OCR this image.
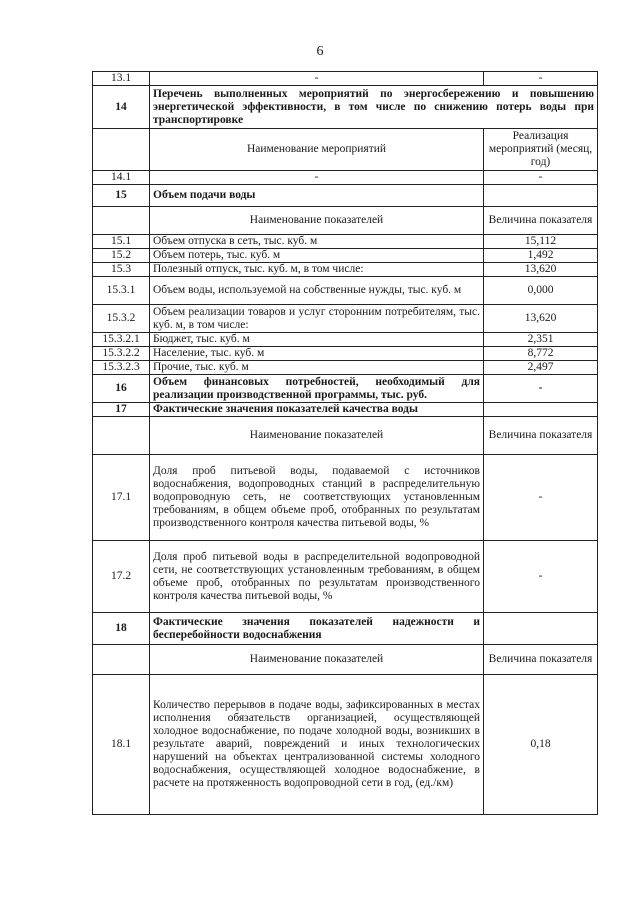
6
13.1	-	-
14	Перечень выполненных мероприятий по энергосбережению и повышению энергетической эффективности, в том числе по снижению потерь воды при транспортировке	
	Наименование мероприятий	Реализация мероприятий (месяц, год)
14.1	-	-
15	Объем подачи воды	
	Наименование показателей	Величина показателя
15.1	Объем отпуска в сеть, тыс. куб. м	15,112
15.2	Объем потерь, тыс. куб. м	1,492
15.3	Полезный отпуск, тыс. куб. м, в том числе:	13,620
15.3.1	Объем воды, используемой на собственные нужды, тыс. куб. м	0,000
15.3.2	Объем реализации товаров и услуг сторонним потребителям, тыс. куб. м, в том числе:	13,620
15.3.2.1	Бюджет, тыс. куб. м	2,351
15.3.2.2	Население, тыс. куб. м	8,772
15.3.2.3	Прочие, тыс. куб. м	2,497
16	Объем финансовых потребностей, необходимый для реализации производственной программы, тыс. руб.	-
17	Фактические значения показателей качества воды	
	Наименование показателей	Величина показателя
17.1	Доля проб питьевой воды, подаваемой с источников водоснабжения, водопроводных станций в распределительную водопроводную сеть, не соответствующих установленным требованиям, в общем объеме проб, отобранных по результатам производственного контроля качества питьевой воды, %	-
17.2	Доля проб питьевой воды в распределительной водопроводной сети, не соответствующих установленным требованиям, в общем объеме проб, отобранных по результатам производственного контроля качества питьевой воды, %	-
18	Фактические значения показателей надежности и бесперебойности водоснабжения	
	Наименование показателей	Величина показателя
18.1	Количество перерывов в подаче воды, зафиксированных в местах исполнения обязательств организацией, осуществляющей холодное водоснабжение, по подаче холодной воды, возникших в результате аварий, повреждений и иных технологических нарушений на объектах централизованной системы холодного водоснабжения, осуществляющей холодное водоснабжение, в расчете на протяженность водопроводной сети в год, (ед./км)	0,18
